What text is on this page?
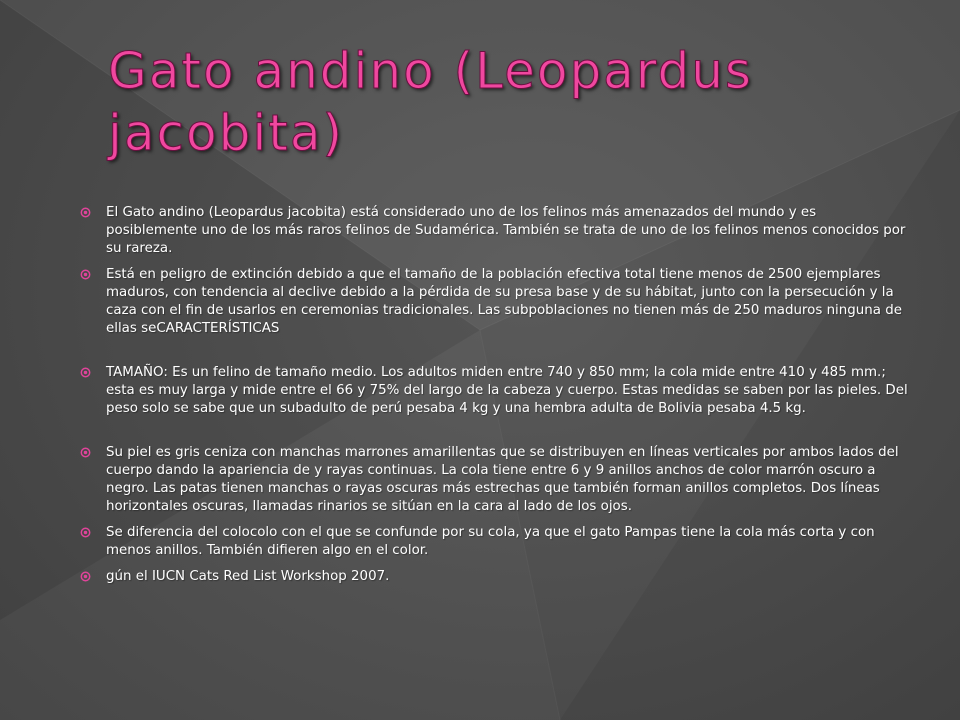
Gato andino (Leopardus jacobita)
El Gato andino (Leopardus jacobita) está considerado uno de los felinos más amenazados del mundo y es posiblemente uno de los más raros felinos de Sudamérica. También se trata de uno de los felinos menos conocidos por su rareza.
Está en peligro de extinción debido a que el tamaño de la población efectiva total tiene menos de 2500 ejemplares maduros, con tendencia al declive debido a la pérdida de su presa base y de su hábitat, junto con la persecución y la caza con el fin de usarlos en ceremonias tradicionales. Las subpoblaciones no tienen más de 250 maduros ninguna de ellas seCARACTERÍSTICAS
TAMAÑO: Es un felino de tamaño medio. Los adultos miden entre 740 y 850 mm; la cola mide entre 410 y 485 mm.; esta es muy larga y mide entre el 66 y 75% del largo de la cabeza y cuerpo. Estas medidas se saben por las pieles. Del peso solo se sabe que un subadulto de perú pesaba 4 kg y una hembra adulta de Bolivia pesaba 4.5 kg.
Su piel es gris ceniza con manchas marrones amarillentas que se distribuyen en líneas verticales por ambos lados del cuerpo dando la apariencia de y rayas continuas. La cola tiene entre 6 y 9 anillos anchos de color marrón oscuro a negro. Las patas tienen manchas o rayas oscuras más estrechas que también forman anillos completos. Dos líneas horizontales oscuras, llamadas rinarios se sitúan en la cara al lado de los ojos.
Se diferencia del colocolo con el que se confunde por su cola, ya que el gato Pampas tiene la cola más corta y con menos anillos. También difieren algo en el color.
gún el IUCN Cats Red List Workshop 2007.
